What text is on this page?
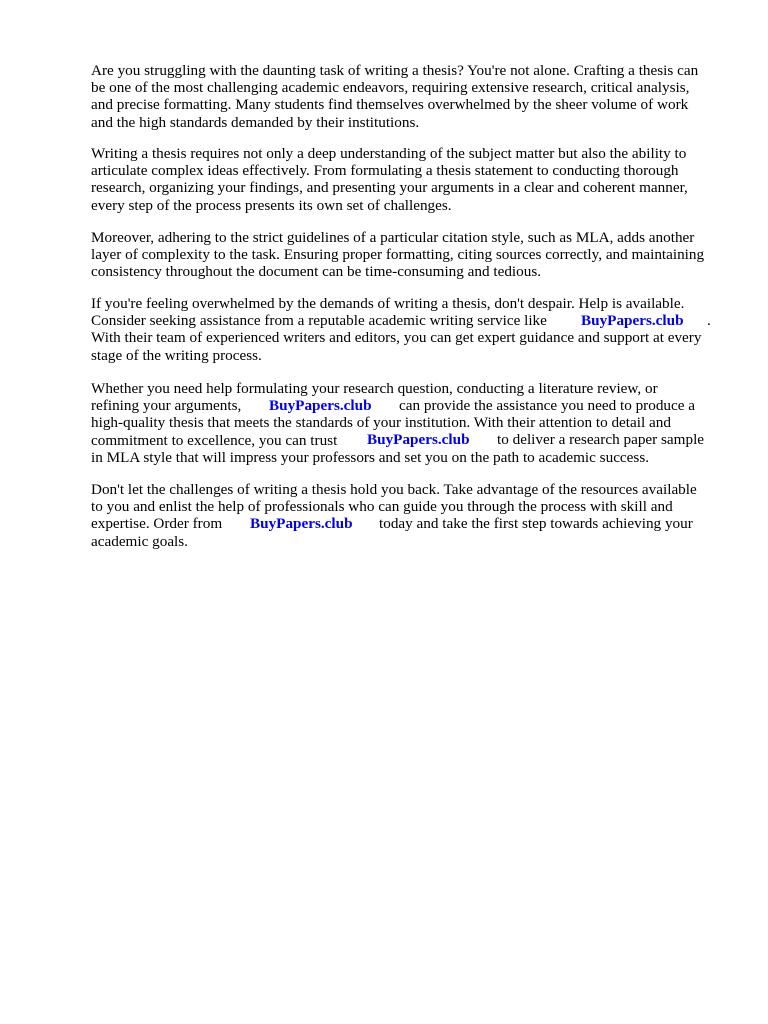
Are you struggling with the daunting task of writing a thesis? You're not alone. Crafting a thesis can
be one of the most challenging academic endeavors, requiring extensive research, critical analysis,
and precise formatting. Many students find themselves overwhelmed by the sheer volume of work
and the high standards demanded by their institutions.

Writing a thesis requires not only a deep understanding of the subject matter but also the ability to
articulate complex ideas effectively. From formulating a thesis statement to conducting thorough
research, organizing your findings, and presenting your arguments in a clear and coherent manner,
every step of the process presents its own set of challenges.

Moreover, adhering to the strict guidelines of a particular citation style, such as MLA, adds another
layer of complexity to the task. Ensuring proper formatting, citing sources correctly, and maintaining
consistency throughout the document can be time-consuming and tedious.

If you're feeling overwhelmed by the demands of writing a thesis, don't despair. Help is available.
Consider seeking assistance from a reputable academic writing service like
With their team of experienced writers and editors, you can get expert guidance and support at every
stage of the writing process.

BuyPapers.club .

Whether you need help formulating your research question, conducting a literature review, or
refining your arguments,
high-quality thesis that meets the standards of your institution. With their attention to detail and
commitment to excellence, you can trust
in MLA style that will impress your professors and set you on the path to academic success.

BuyPapers.club can provide the assistance you need to produce a
BuyPapers.club to deliver a research paper sample

Don't let the challenges of writing a thesis hold you back. Take advantage of the resources available
to you and enlist the help of professionals who can guide you through the process with skill and
expertise. Order from
academic goals.

BuyPapers.club today and take the first step towards achieving your
